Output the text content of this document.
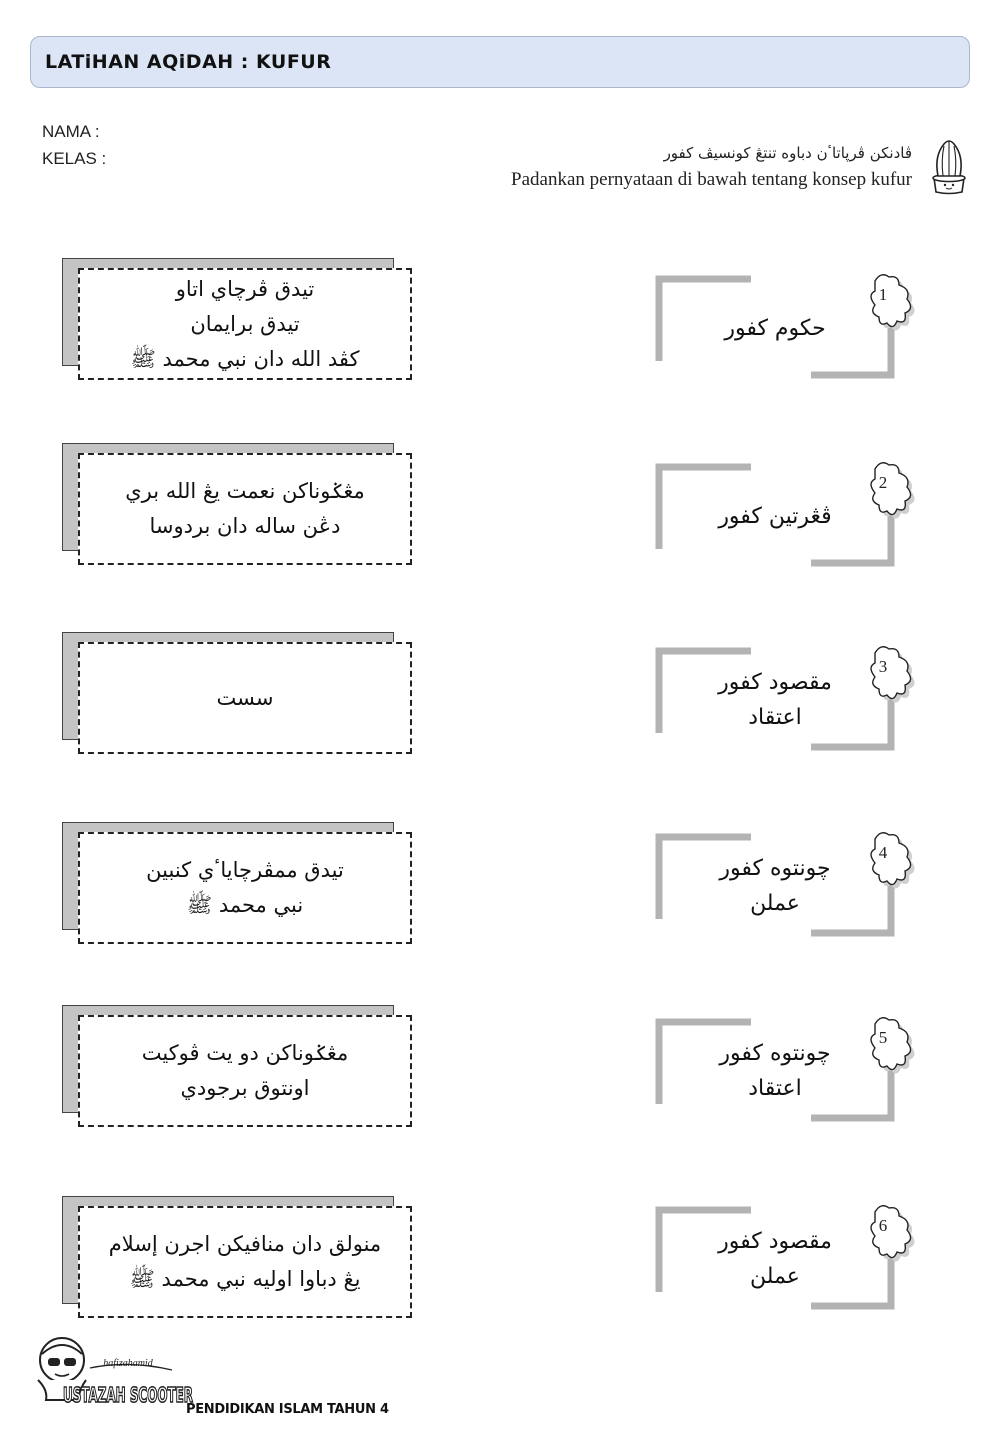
LATiHAN AQiDAH : KUFUR
NAMA :
KELAS :	ڤادنكن ڤرڽاتاٴن دباوه تنتڠ كونسيڤ كفور
Padankan pernyataan di bawah tentang konsep kufur
تيدق ڤرچاي اتاو
تيدق برايمان
كڤد الله دان نبي محمد ﷺ
مڠݢوناكن نعمت يڠ الله بري
دڠن ساله دان بردوسا
سست
تيدق ممڤرچاياٴي كنبين
نبي محمد ﷺ
مڠݢوناكن دو يت ڤوكيت
اونتوق برجودي
منولق دان منافيكن اجرن إسلام
يڠ دباوا اوليه نبي محمد ﷺ
حكوم كفور
1
ڤڠرتين كفور
2
مقصود كفور
اعتقاد
3
چونتوه كفور
عملن
4
چونتوه كفور
اعتقاد
5
مقصود كفور
عملن
6
hafizahamid
USTAZAH SCOOTER
PENDIDIKAN ISLAM TAHUN 4
